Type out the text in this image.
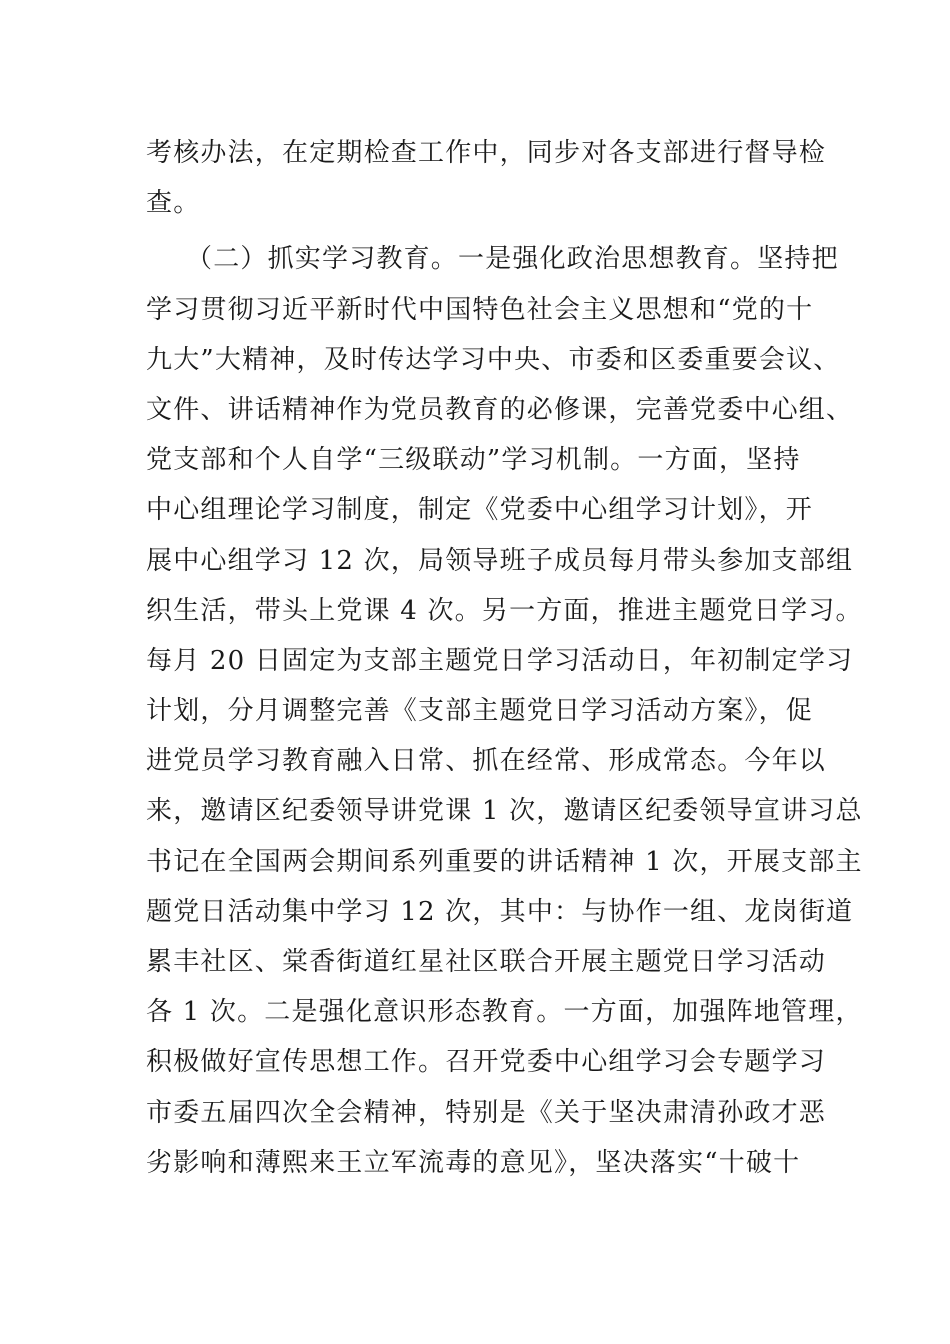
考核办法，在定期检查工作中，同步对各支部进行督导检
查。
（二）抓实学习教育。一是强化政治思想教育。坚持把
学习贯彻习近平新时代中国特色社会主义思想和“党的十
九大”大精神，及时传达学习中央、市委和区委重要会议、
文件、讲话精神作为党员教育的必修课，完善党委中心组、
党支部和个人自学“三级联动”学习机制。一方面，坚持
中心组理论学习制度，制定《党委中心组学习计划》，开
展中心组学习 12 次，局领导班子成员每月带头参加支部组
织生活，带头上党课 4 次。另一方面，推进主题党日学习。
每月 20 日固定为支部主题党日学习活动日，年初制定学习
计划，分月调整完善《支部主题党日学习活动方案》，促
进党员学习教育融入日常、抓在经常、形成常态。今年以
来，邀请区纪委领导讲党课 1 次，邀请区纪委领导宣讲习总
书记在全国两会期间系列重要的讲话精神 1 次，开展支部主
题党日活动集中学习 12 次，其中：与协作一组、龙岗街道
累丰社区、棠香街道红星社区联合开展主题党日学习活动
各 1 次。二是强化意识形态教育。一方面，加强阵地管理，
积极做好宣传思想工作。召开党委中心组学习会专题学习
市委五届四次全会精神，特别是《关于坚决肃清孙政才恶
劣影响和薄熙来王立军流毒的意见》，坚决落实“十破十
